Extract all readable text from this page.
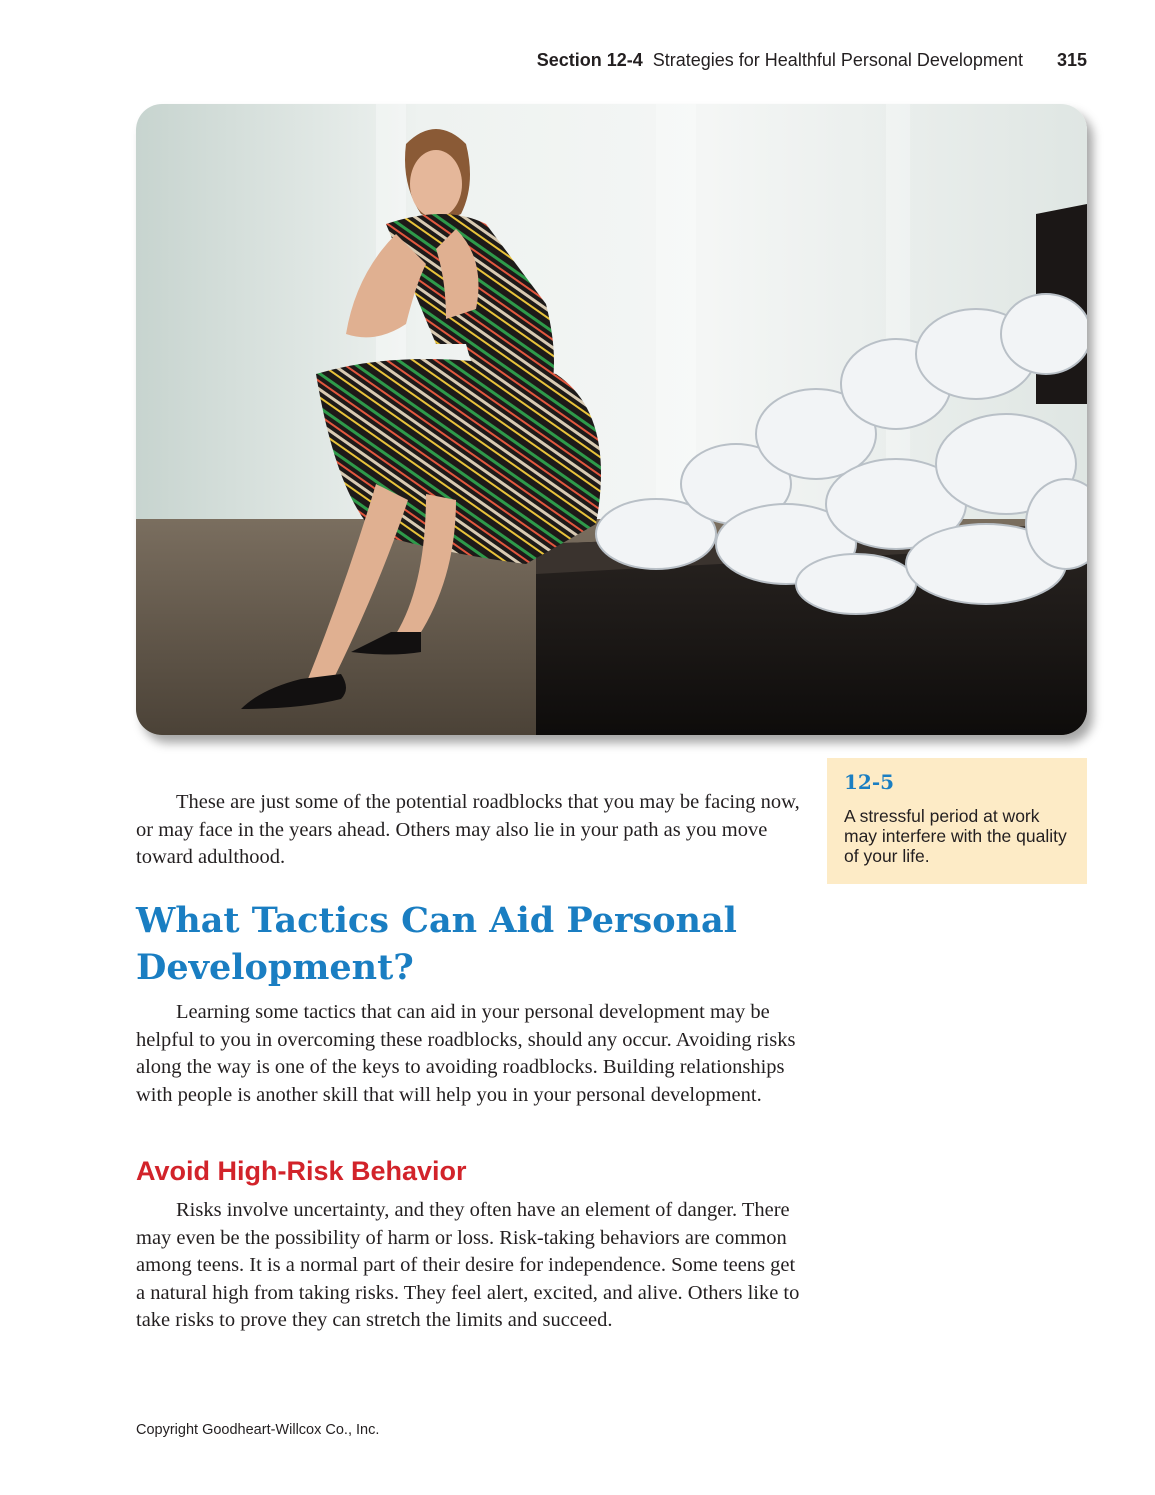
Section 12-4 Strategies for Healthful Personal Development 315
12-5
A stressful period at work may interfere with the quality of your life.

These are just some of the potential roadblocks that you may be facing now, or may face in the years ahead. Others may also lie in your path as you move toward adulthood.

What Tactics Can Aid Personal Development?

Learning some tactics that can aid in your personal development may be helpful to you in overcoming these roadblocks, should any occur. Avoiding risks along the way is one of the keys to avoiding roadblocks. Building relationships with people is another skill that will help you in your personal development.

Avoid High-Risk Behavior

Risks involve uncertainty, and they often have an element of danger. There may even be the possibility of harm or loss. Risk-taking behaviors are common among teens. It is a normal part of their desire for independence. Some teens get a natural high from taking risks. They feel alert, excited, and alive. Others like to take risks to prove they can stretch the limits and succeed.

Copyright Goodheart-Willcox Co., Inc.
